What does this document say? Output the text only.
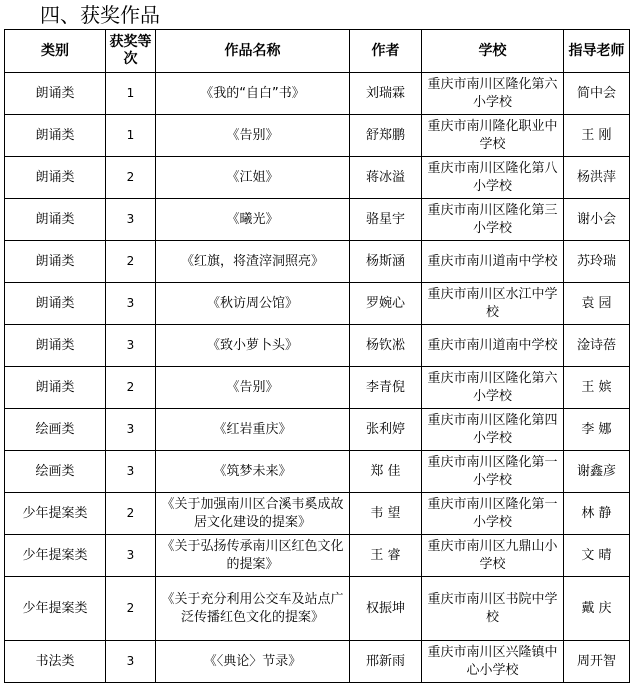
四、获奖作品
类别	获奖等次	作品名称	作者	学校	指导老师
朗诵类	1	《我的“自白”书》	刘瑞霖	重庆市南川区隆化第六小学校	简中会
朗诵类	1	《告别》	舒郑鹏	重庆市南川隆化职业中学校	王 刚
朗诵类	2	《江姐》	蒋冰溢	重庆市南川区隆化第八小学校	杨洪萍
朗诵类	3	《曦光》	骆星宇	重庆市南川区隆化第三小学校	谢小会
朗诵类	2	《红旗，将渣滓洞照亮》	杨斯涵	重庆市南川道南中学校	苏玲瑞
朗诵类	3	《秋访周公馆》	罗婉心	重庆市南川区水江中学校	袁 园
朗诵类	3	《致小萝卜头》	杨钦凇	重庆市南川道南中学校	淦诗蓓
朗诵类	2	《告别》	李青倪	重庆市南川区隆化第六小学校	王 嫔
绘画类	3	《红岩重庆》	张利婷	重庆市南川区隆化第四小学校	李 娜
绘画类	3	《筑梦未来》	郑 佳	重庆市南川区隆化第一小学校	谢鑫彦
少年提案类	2	《关于加强南川区合溪韦奚成故居文化建设的提案》	韦 望	重庆市南川区隆化第一小学校	林 静
少年提案类	3	《关于弘扬传承南川区红色文化的提案》	王 睿	重庆市南川区九鼎山小学校	文 晴
少年提案类	2	《关于充分利用公交车及站点广泛传播红色文化的提案》	权振坤	重庆市南川区书院中学校	戴 庆
书法类	3	《〈典论〉节录》	邢新雨	重庆市南川区兴隆镇中心小学校	周开智
